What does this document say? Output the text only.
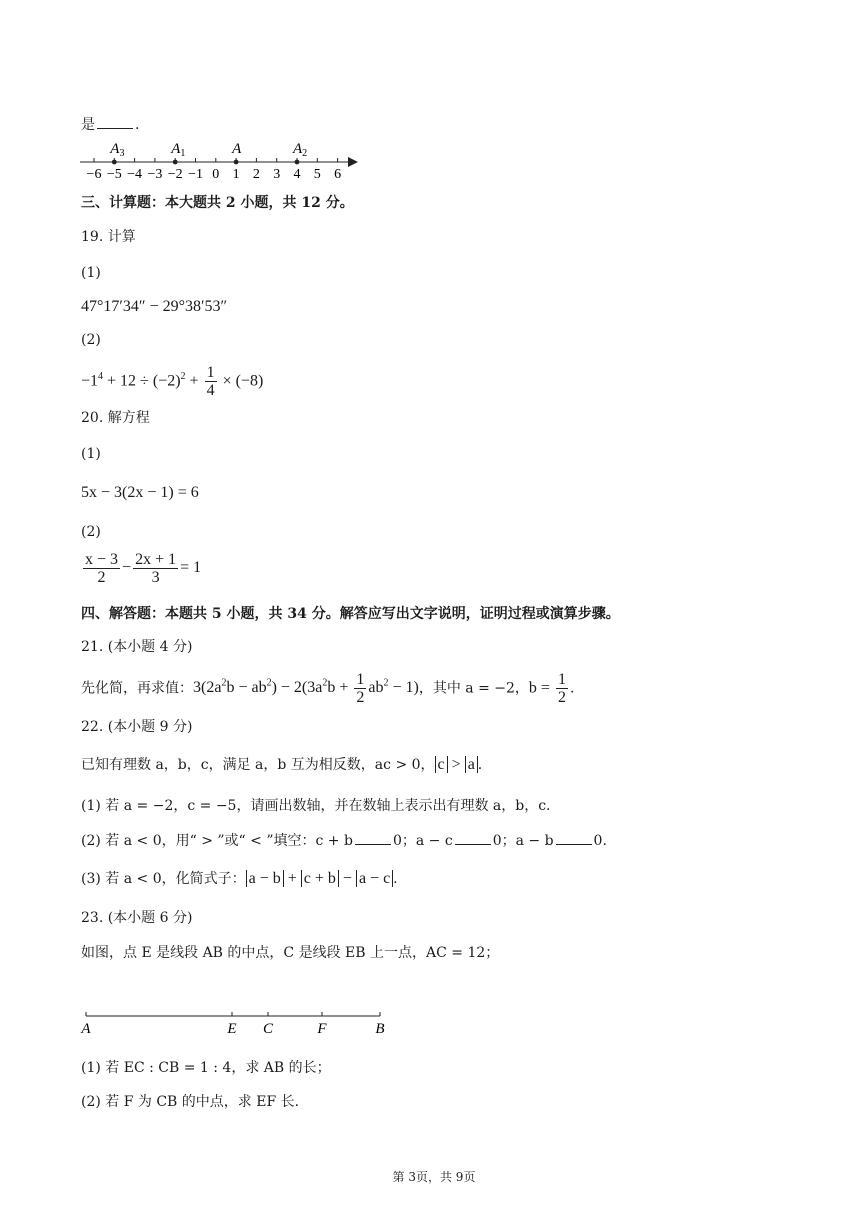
是	.
−6 −5 −4 −3 −2 −1 0 1 2 3 4 5 6
$A_3$	$A_1$	A	$A_2$
三、计算题：本大题共 2 小题，共 12 分。
19. 计算
(1)
47°17′34″ − 29°38′53″
(2)
$-1^4 + 12 \div (-2)^2 + \frac{1}{4} \times (-8)$
20. 解方程
(1)
5x − 3(2x − 1) = 6
(2)
$\frac{x - 3}{2} - \frac{2x + 1}{3} = 1$
四、解答题：本题共 5 小题，共 34 分。解答应写出文字说明，证明过程或演算步骤。
21. (本小题 4 分)
先化简，再求值：$3(2a^2b - ab^2) - 2(3a^2b + \frac{1}{2} ab^2 - 1)$，其中 a = −2，$b = \frac{1}{2}$ .
22. (本小题 9 分)
已知有理数 a，b，c，满足 a，b 互为相反数，ac > 0， c > a .
(1) 若 a = −2，c = −5，请画出数轴，并在数轴上表示出有理数 a，b，c.
(2) 若 a < 0，用“ > ”或“ < ”填空：c + b	0；a − c	0；a − b	0.
(3) 若 a < 0，化简式子： a − b + c + b − a − c .
23. (本小题 6 分)
如图，点 E 是线段 AB 的中点，C 是线段 EB 上一点，AC = 12；
A	E C	F	B
(1) 若 EC : CB = 1 : 4，求 AB 的长；
(2) 若 F 为 CB 的中点，求 EF 长.
第 3页，共 9页
